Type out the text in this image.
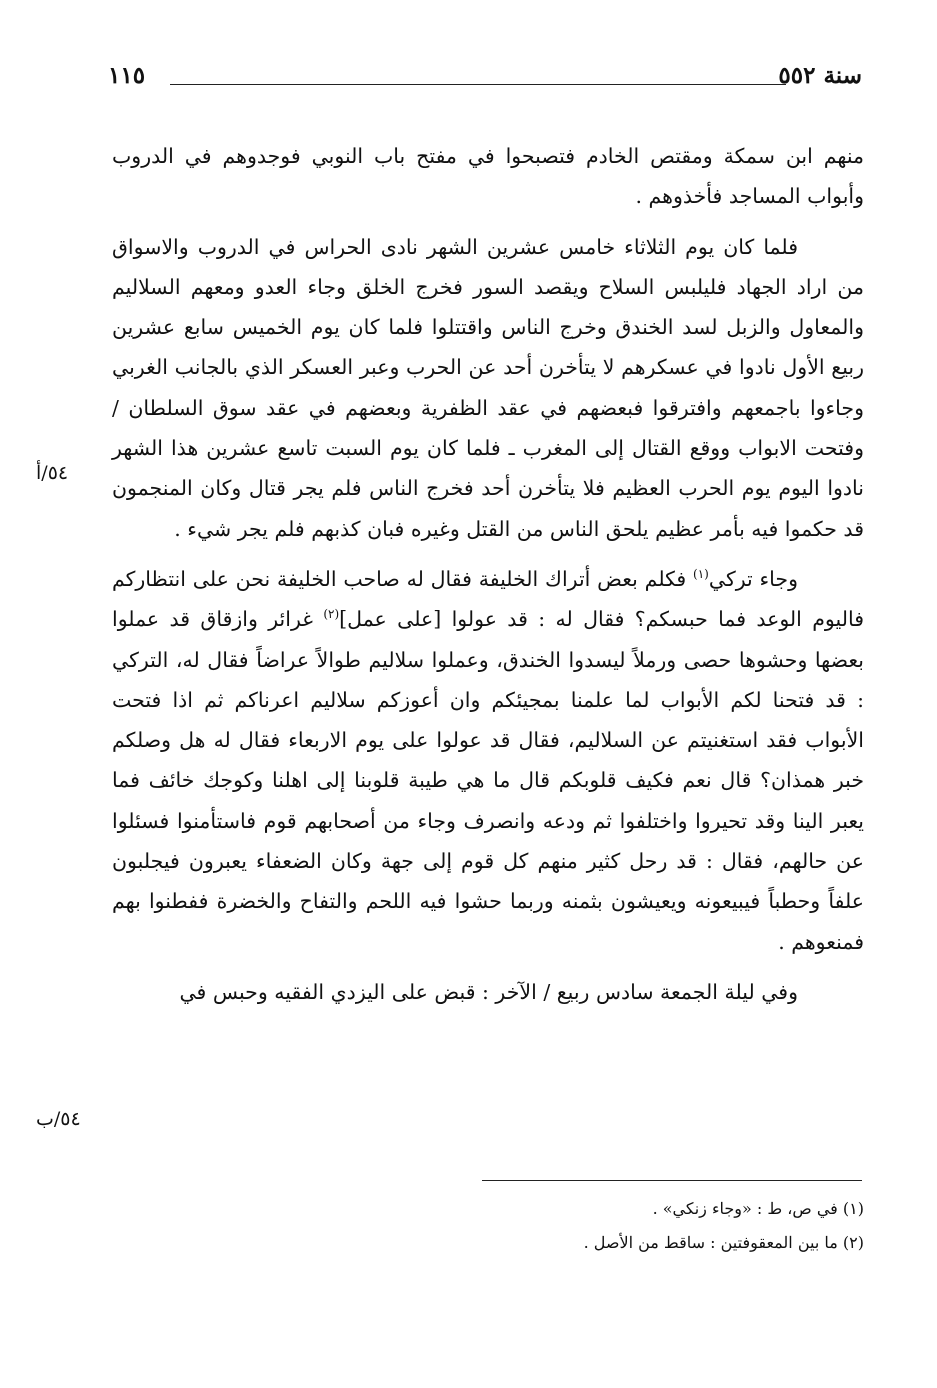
سنة ٥٥٢
١١٥

منهم ابن سمكة ومقتص الخادم فتصبحوا في مفتح باب النوبي فوجدوهم في الدروب وأبواب المساجد فأخذوهم .

فلما كان يوم الثلاثاء خامس عشرين الشهر نادى الحراس في الدروب والاسواق من اراد الجهاد فليلبس السلاح ويقصد السور فخرج الخلق وجاء العدو ومعهم السلاليم والمعاول والزبل لسد الخندق وخرج الناس واقتتلوا فلما كان يوم الخميس سابع عشرين ربيع الأول نادوا في عسكرهم لا يتأخرن أحد عن الحرب وعبر العسكر الذي بالجانب الغربي وجاءوا باجمعهم وافترقوا فبعضهم في عقد الظفرية وبعضهم في عقد سوق السلطان / وفتحت الابواب ووقع القتال إلى المغرب ـ فلما كان يوم السبت تاسع عشرين هذا الشهر نادوا اليوم يوم الحرب العظيم فلا يتأخرن أحد فخرج الناس فلم يجر قتال وكان المنجمون قد حكموا فيه بأمر عظيم يلحق الناس من القتل وغيره فبان كذبهم فلم يجر شيء .

وجاء تركي$^{(١)}$ فكلم بعض أتراك الخليفة فقال له صاحب الخليفة نحن على انتظاركم فاليوم الوعد فما حبسكم؟ فقال له : قد عولوا [على عمل]$^{(٢)}$ غرائر وازقاق قد عملوا بعضها وحشوها حصى ورملاً ليسدوا الخندق، وعملوا سلاليم طوالاً عراضاً فقال له، التركي : قد فتحنا لكم الأبواب لما علمنا بمجيئكم وان أعوزكم سلاليم اعرناكم ثم اذا فتحت الأبواب فقد استغنيتم عن السلاليم، فقال قد عولوا على يوم الاربعاء فقال له هل وصلكم خبر همذان؟ قال نعم فكيف قلوبكم قال ما هي طيبة قلوبنا إلى اهلنا وكوجك خائف فما يعبر الينا وقد تحيروا واختلفوا ثم ودعه وانصرف وجاء من أصحابهم قوم فاستأمنوا فسئلوا عن حالهم، فقال : قد رحل كثير منهم كل قوم إلى جهة وكان الضعفاء يعبرون فيجلبون علفاً وحطباً فيبيعونه ويعيشون بثمنه وربما حشوا فيه اللحم والتفاح والخضرة ففطنوا بهم فمنعوهم .

وفي ليلة الجمعة سادس ربيع / الآخر : قبض على اليزدي الفقيه وحبس في

٥٤/أ
٥٤/ب
(١) في ص، ط : «وجاء زنكي» .
(٢) ما بين المعقوفتين : ساقط من الأصل .
